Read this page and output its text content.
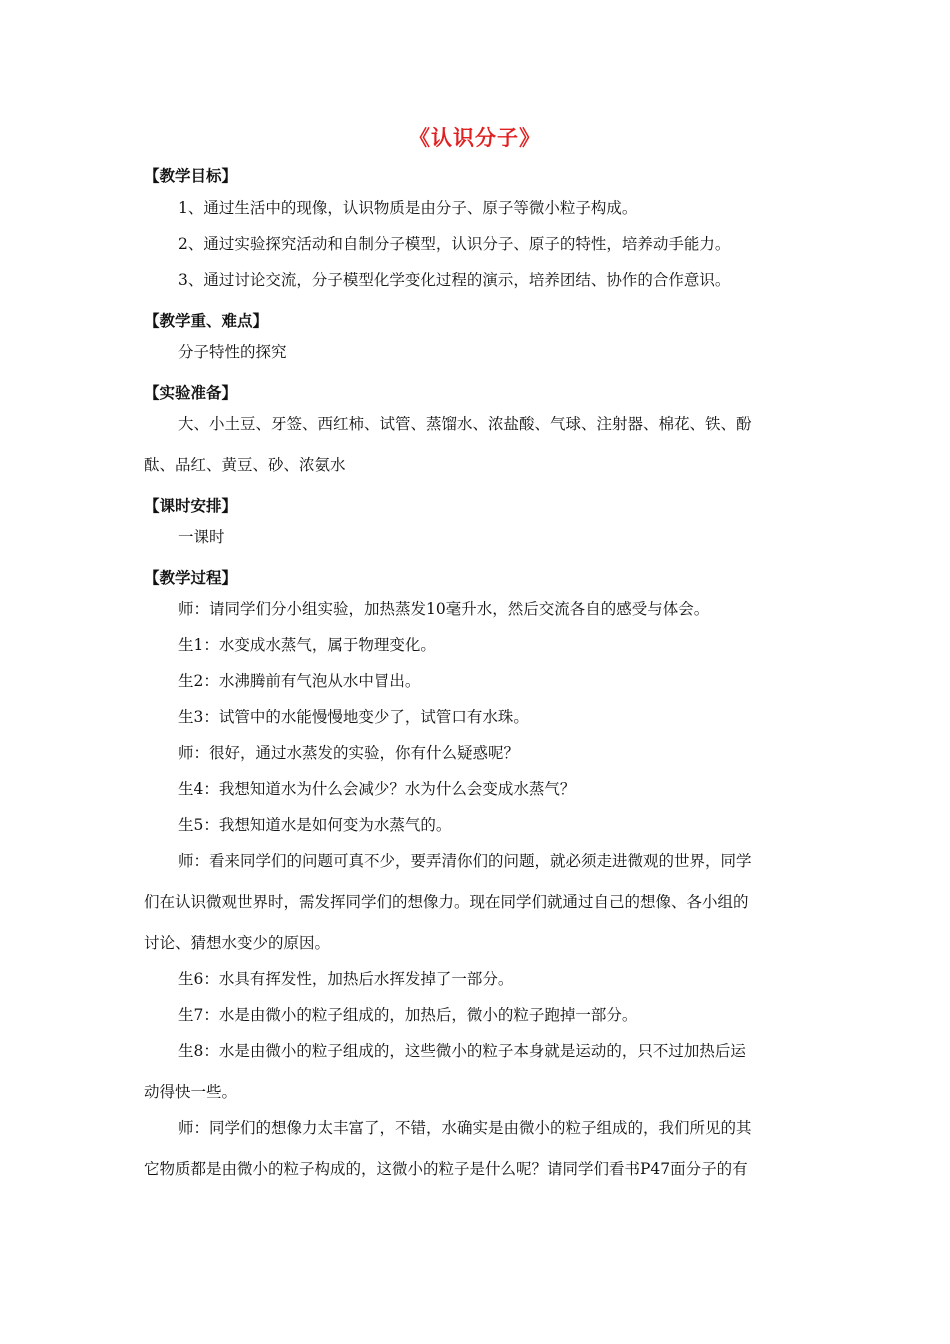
《认识分子》
【教学目标】
1、通过生活中的现像，认识物质是由分子、原子等微小粒子构成。
2、通过实验探究活动和自制分子模型，认识分子、原子的特性，培养动手能力。
3、通过讨论交流，分子模型化学变化过程的演示，培养团结、协作的合作意识。
【教学重、难点】
分子特性的探究
【实验准备】
大、小土豆、牙签、西红柿、试管、蒸馏水、浓盐酸、气球、注射器、棉花、铁、酚
酞、品红、黄豆、砂、浓氨水
【课时安排】
一课时
【教学过程】
师：请同学们分小组实验，加热蒸发10毫升水，然后交流各自的感受与体会。
生1：水变成水蒸气，属于物理变化。
生2：水沸腾前有气泡从水中冒出。
生3：试管中的水能慢慢地变少了，试管口有水珠。
师：很好，通过水蒸发的实验，你有什么疑惑呢？
生4：我想知道水为什么会减少？水为什么会变成水蒸气？
生5：我想知道水是如何变为水蒸气的。
师：看来同学们的问题可真不少，要弄清你们的问题，就必须走进微观的世界，同学
们在认识微观世界时，需发挥同学们的想像力。现在同学们就通过自己的想像、各小组的
讨论、猜想水变少的原因。
生6：水具有挥发性，加热后水挥发掉了一部分。
生7：水是由微小的粒子组成的，加热后，微小的粒子跑掉一部分。
生8：水是由微小的粒子组成的，这些微小的粒子本身就是运动的，只不过加热后运
动得快一些。
师：同学们的想像力太丰富了，不错，水确实是由微小的粒子组成的，我们所见的其
它物质都是由微小的粒子构成的，这微小的粒子是什么呢？请同学们看书P47面分子的有
